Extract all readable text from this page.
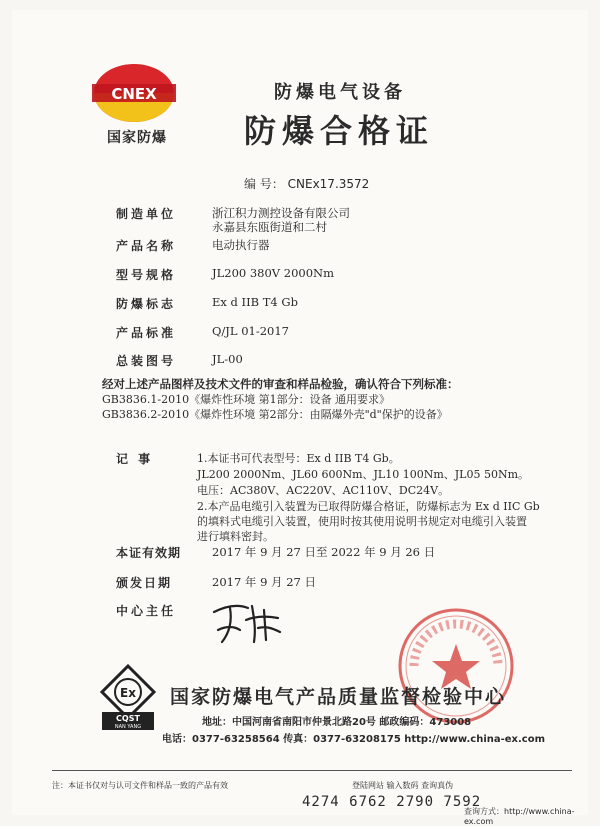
CNEX
国家防爆
防爆电气设备
防爆合格证
编 号： CNEx17.3572
制造单位	浙江积力测控设备有限公司
永嘉县东瓯街道和二村
产品名称	电动执行器
型号规格	JL200 380V 2000Nm
防爆标志	Ex d IIB T4 Gb
产品标准	Q/JL 01-2017
总装图号	JL-00
经对上述产品图样及技术文件的审查和样品检验，确认符合下列标准：
GB3836.1-2010《爆炸性环境 第1部分：设备 通用要求》
GB3836.2-2010《爆炸性环境 第2部分：由隔爆外壳"d"保护的设备》
记 事	1.本证书可代表型号：Ex d IIB T4 Gb。
JL200 2000Nm、JL60 600Nm、JL10 100Nm、JL05 50Nm。
电压：AC380V、AC220V、AC110V、DC24V。
2.本产品电缆引入装置为已取得防爆合格证，防爆标志为 Ex d IIC Gb
的填料式电缆引入装置，使用时按其使用说明书规定对电缆引入装置
进行填料密封。
本证有效期	2017 年 9 月 27 日至 2022 年 9 月 26 日
颁发日期	2017 年 9 月 27 日
中心主任
Ex
CQST
NAN YANG
国家防爆电气产品质量监督检验中心
地址：中国河南省南阳市仲景北路20号 邮政编码：473008
电话：0377-63258564 传真：0377-63208175 http://www.china-ex.com
注：本证书仅对与认可文件和样品一致的产品有效	登陆网站 输入数码 查询真伪
4274 6762 2790 7592
查询方式：http://www.china-ex.com
